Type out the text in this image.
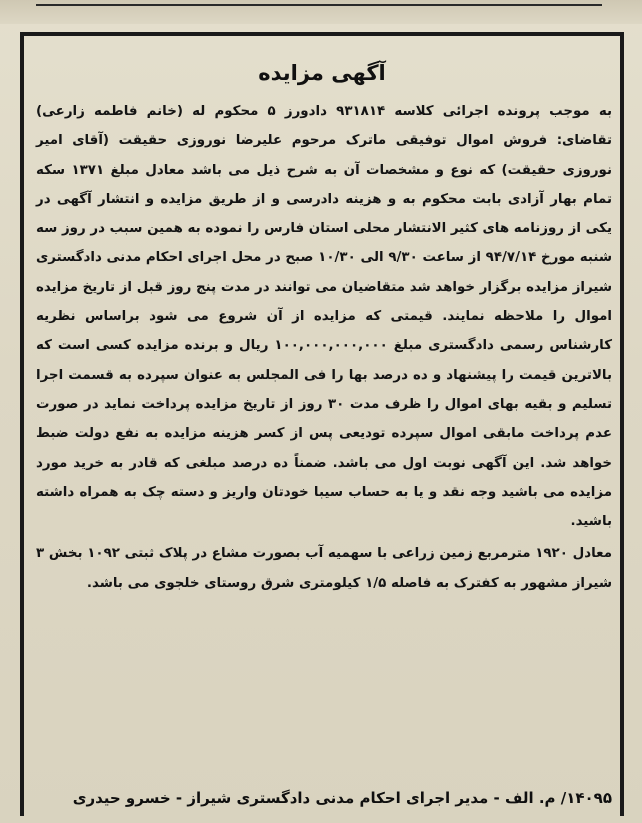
آگهی مزایده

به موجب پرونده اجرائی کلاسه ۹۳۱۸۱۴ دادورز ۵ محکوم له (خانم فاطمه زارعی) تقاضای: فروش اموال توفیقی ماترک مرحوم علیرضا نوروزی حقیقت (آقای امیر نوروزی حقیقت) که نوع و مشخصات آن به شرح ذیل می باشد معادل مبلغ ۱۳۷۱ سکه تمام بهار آزادی بابت محکوم به و هزینه دادرسی و از طریق مزایده و انتشار آگهی در یکی از روزنامه های کثیر الانتشار محلی استان فارس را نموده به همین سبب در روز سه شنبه مورخ ۹۴/۷/۱۴ از ساعت ۹/۳۰ الی ۱۰/۳۰ صبح در محل اجرای احکام مدنی دادگستری شیراز مزایده برگزار خواهد شد متقاضیان می توانند در مدت پنج روز قبل از تاریخ مزایده اموال را ملاحظه نمایند. قیمتی که مزایده از آن شروع می شود براساس نظریه کارشناس رسمی دادگستری مبلغ ۱۰۰,۰۰۰,۰۰۰,۰۰۰ ریال و برنده مزایده کسی است که بالاترین قیمت را پیشنهاد و ده درصد بها را فی المجلس به عنوان سپرده به قسمت اجرا تسلیم و بقیه بهای اموال را ظرف مدت ۳۰ روز از تاریخ مزایده پرداخت نماید در صورت عدم پرداخت مابقی اموال سپرده تودیعی پس از کسر هزینه مزایده به نفع دولت ضبط خواهد شد. این آگهی نوبت اول می باشد. ضمناً ده درصد مبلغی که قادر به خرید مورد مزایده می باشید وجه نقد و یا به حساب سیبا خودتان واریز و دسته چک به همراه داشته باشید.

معادل ۱۹۲۰ مترمربع زمین زراعی با سهمیه آب بصورت مشاع در پلاک ثبتی ۱۰۹۲ بخش ۳ شیراز مشهور به کفترک به فاصله ۱/۵ کیلومتری شرق روستای خلجوی می باشد.

۱۴۰۹۵/ م. الف - مدیر اجرای احکام مدنی دادگستری شیراز - خسرو حیدری
